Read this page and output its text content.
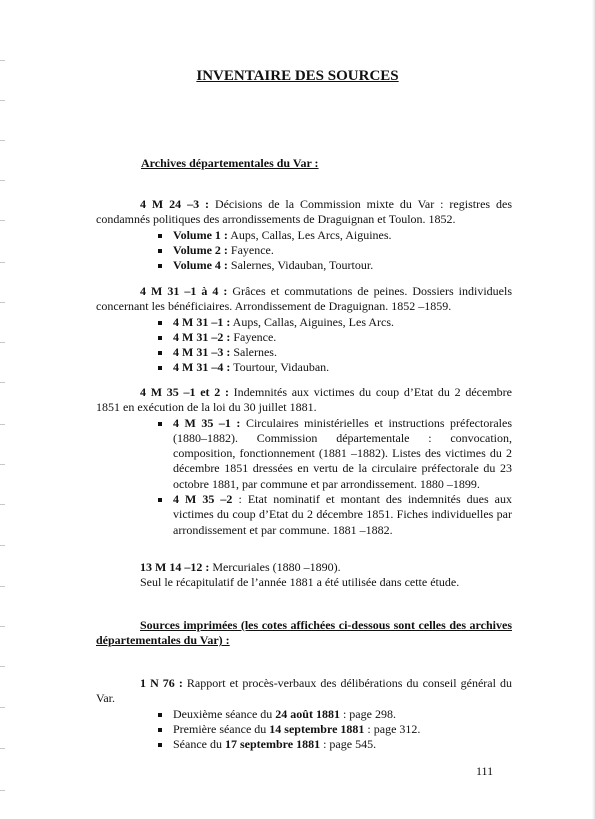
INVENTAIRE DES SOURCES
Archives départementales du Var :

4 M 24 –3 : Décisions de la Commission mixte du Var : registres des condamnés politiques des arrondissements de Draguignan et Toulon. 1852.

Volume 1 : Aups, Callas, Les Arcs, Aiguines.
Volume 2 : Fayence.
Volume 4 : Salernes, Vidauban, Tourtour.

4 M 31 –1 à 4 : Grâces et commutations de peines. Dossiers individuels concernant les bénéficiaires. Arrondissement de Draguignan. 1852 –1859.

4 M 31 –1 : Aups, Callas, Aiguines, Les Arcs.
4 M 31 –2 : Fayence.
4 M 31 –3 : Salernes.
4 M 31 –4 : Tourtour, Vidauban.

4 M 35 –1 et 2 : Indemnités aux victimes du coup d’Etat du 2 décembre 1851 en exécution de la loi du 30 juillet 1881.

4 M 35 –1 : Circulaires ministérielles et instructions préfectorales (1880–1882). Commission départementale : convocation, composition, fonctionnement (1881 –1882). Listes des victimes du 2 décembre 1851 dressées en vertu de la circulaire préfectorale du 23 octobre 1881, par commune et par arrondissement. 1880 –1899.
4 M 35 –2 : Etat nominatif et montant des indemnités dues aux victimes du coup d’Etat du 2 décembre 1851. Fiches individuelles par arrondissement et par commune. 1881 –1882.
13 M 14 –12 : Mercuriales (1880 –1890).
Seul le récapitulatif de l’année 1881 a été utilisée dans cette étude.
Sources imprimées (les cotes affichées ci-dessous sont celles des archives départementales du Var) :

1 N 76 : Rapport et procès-verbaux des délibérations du conseil général du Var.

Deuxième séance du 24 août 1881 : page 298.
Première séance du 14 septembre 1881 : page 312.
Séance du 17 septembre 1881 : page 545.
111
